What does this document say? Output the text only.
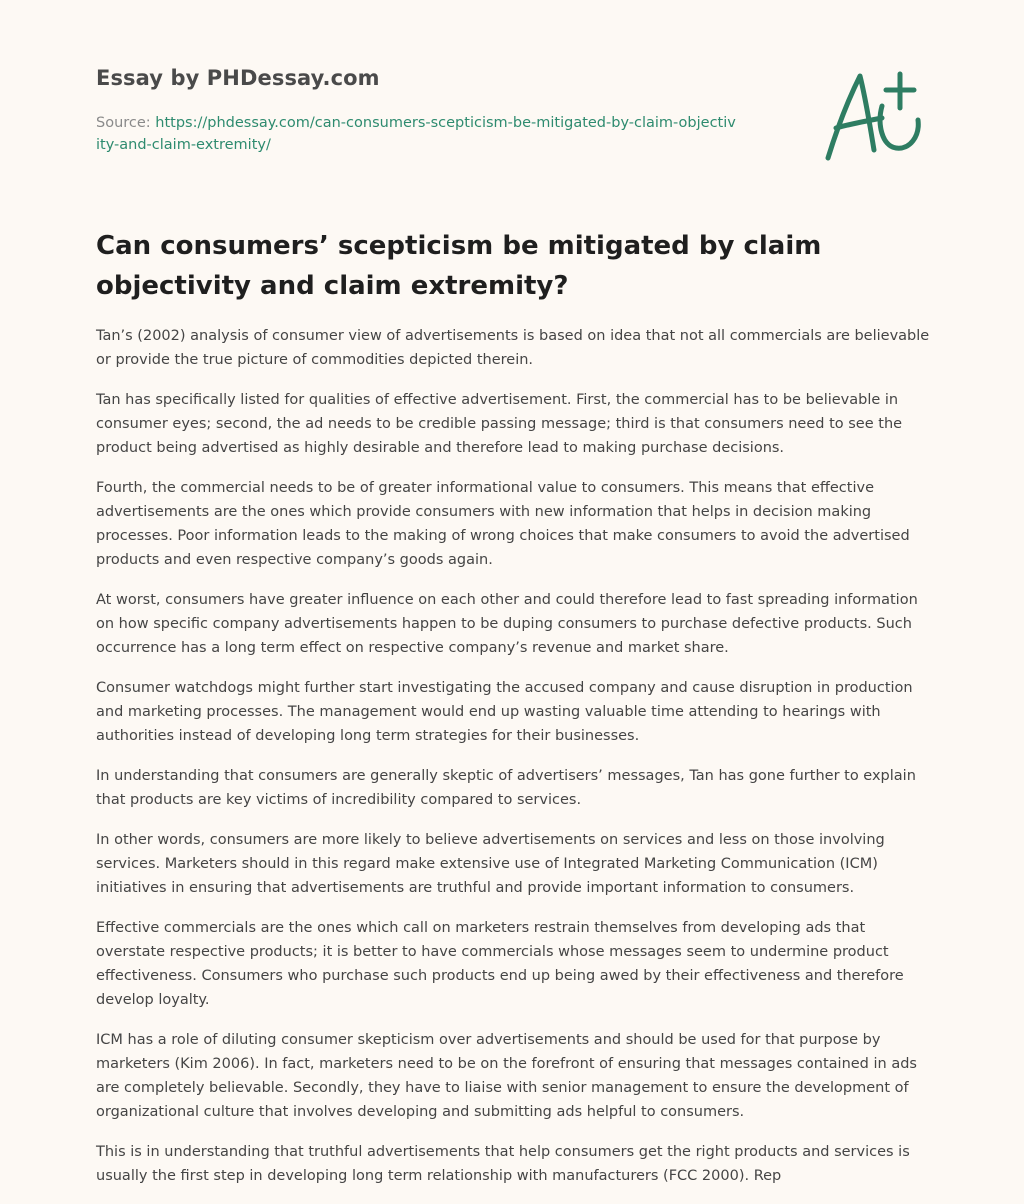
Essay by PHDessay.com
Source: https://phdessay.com/can-consumers-scepticism-be-mitigated-by-claim-objectivity-and-claim-extremity/
Can consumers’ scepticism be mitigated by claim objectivity and claim extremity?

Tan’s (2002) analysis of consumer view of advertisements is based on idea that not all commercials are believable or provide the true picture of commodities depicted therein.

Tan has specifically listed for qualities of effective advertisement. First, the commercial has to be believable in consumer eyes; second, the ad needs to be credible passing message; third is that consumers need to see the product being advertised as highly desirable and therefore lead to making purchase decisions.

Fourth, the commercial needs to be of greater informational value to consumers. This means that effective advertisements are the ones which provide consumers with new information that helps in decision making processes. Poor information leads to the making of wrong choices that make consumers to avoid the advertised products and even respective company’s goods again.

At worst, consumers have greater influence on each other and could therefore lead to fast spreading information on how specific company advertisements happen to be duping consumers to purchase defective products. Such occurrence has a long term effect on respective company’s revenue and market share.

Consumer watchdogs might further start investigating the accused company and cause disruption in production and marketing processes. The management would end up wasting valuable time attending to hearings with authorities instead of developing long term strategies for their businesses.

In understanding that consumers are generally skeptic of advertisers’ messages, Tan has gone further to explain that products are key victims of incredibility compared to services.

In other words, consumers are more likely to believe advertisements on services and less on those involving services. Marketers should in this regard make extensive use of Integrated Marketing Communication (ICM) initiatives in ensuring that advertisements are truthful and provide important information to consumers.

Effective commercials are the ones which call on marketers restrain themselves from developing ads that overstate respective products; it is better to have commercials whose messages seem to undermine product effectiveness. Consumers who purchase such products end up being awed by their effectiveness and therefore develop loyalty.

ICM has a role of diluting consumer skepticism over advertisements and should be used for that purpose by marketers (Kim 2006). In fact, marketers need to be on the forefront of ensuring that messages contained in ads are completely believable. Secondly, they have to liaise with senior management to ensure the development of organizational culture that involves developing and submitting ads helpful to consumers.

This is in understanding that truthful advertisements that help consumers get the right products and services is usually the first step in developing long term relationship with manufacturers (FCC 2000). Rep
